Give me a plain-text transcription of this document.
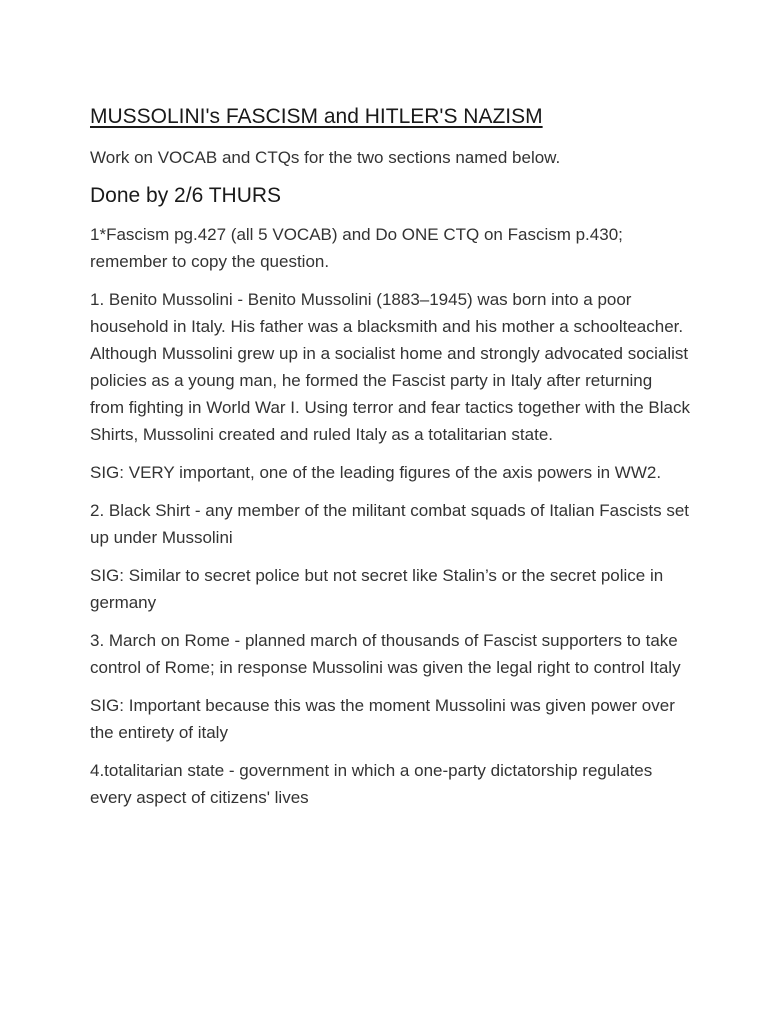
MUSSOLINI's FASCISM and HITLER'S NAZISM

Work on VOCAB and CTQs for the two sections named below.

Done by 2/6 THURS

1*Fascism pg.427 (all 5 VOCAB) and Do ONE CTQ on Fascism p.430; remember to copy the question.

1. Benito Mussolini - Benito Mussolini (1883–1945) was born into a poor household in Italy. His father was a blacksmith and his mother a schoolteacher. Although Mussolini grew up in a socialist home and strongly advocated socialist policies as a young man, he formed the Fascist party in Italy after returning from fighting in World War I. Using terror and fear tactics together with the Black Shirts, Mussolini created and ruled Italy as a totalitarian state.

SIG: VERY important, one of the leading figures of the axis powers in WW2.

2. Black Shirt - any member of the militant combat squads of Italian Fascists set up under Mussolini

SIG: Similar to secret police but not secret like Stalin’s or the secret police in germany

3. March on Rome - planned march of thousands of Fascist supporters to take control of Rome; in response Mussolini was given the legal right to control Italy

SIG: Important because this was the moment Mussolini was given power over the entirety of italy

4.totalitarian state - government in which a one-party dictatorship regulates every aspect of citizens' lives
